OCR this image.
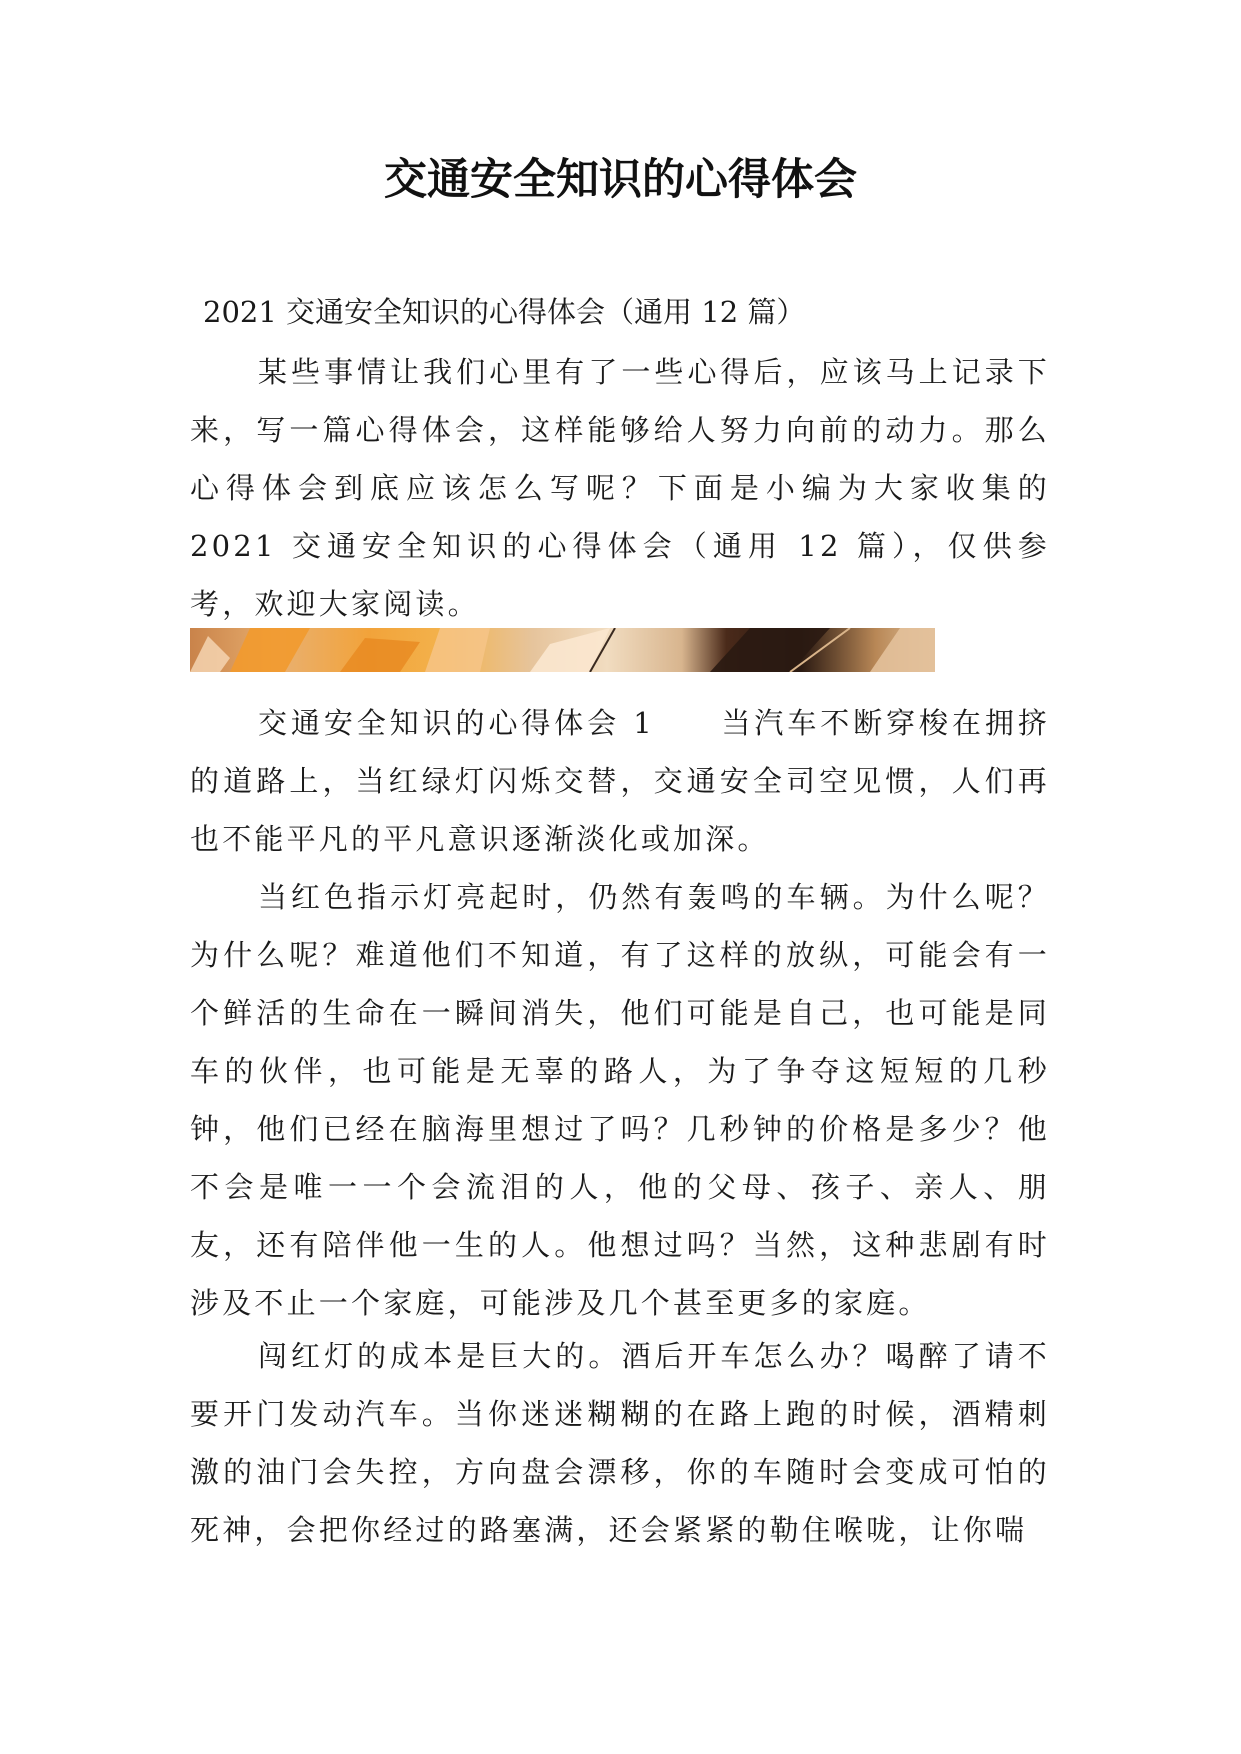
交通安全知识的心得体会

2021 交通安全知识的心得体会（通用 12 篇）

某些事情让我们心里有了一些心得后，应该马上记录下来，写一篇心得体会，这样能够给人努力向前的动力。那么心得体会到底应该怎么写呢？下面是小编为大家收集的 2021 交通安全知识的心得体会（通用 12 篇），仅供参考，欢迎大家阅读。

交通安全知识的心得体会 1　　当汽车不断穿梭在拥挤的道路上，当红绿灯闪烁交替，交通安全司空见惯，人们再也不能平凡的平凡意识逐渐淡化或加深。

当红色指示灯亮起时，仍然有轰鸣的车辆。为什么呢？为什么呢？难道他们不知道，有了这样的放纵，可能会有一个鲜活的生命在一瞬间消失，他们可能是自己，也可能是同车的伙伴，也可能是无辜的路人，为了争夺这短短的几秒钟，他们已经在脑海里想过了吗？几秒钟的价格是多少？他不会是唯一一个会流泪的人，他的父母、孩子、亲人、朋友，还有陪伴他一生的人。他想过吗？当然，这种悲剧有时涉及不止一个家庭，可能涉及几个甚至更多的家庭。

闯红灯的成本是巨大的。酒后开车怎么办？喝醉了请不要开门发动汽车。当你迷迷糊糊的在路上跑的时候，酒精刺激的油门会失控，方向盘会漂移，你的车随时会变成可怕的死神，会把你经过的路塞满，还会紧紧的勒住喉咙，让你喘
